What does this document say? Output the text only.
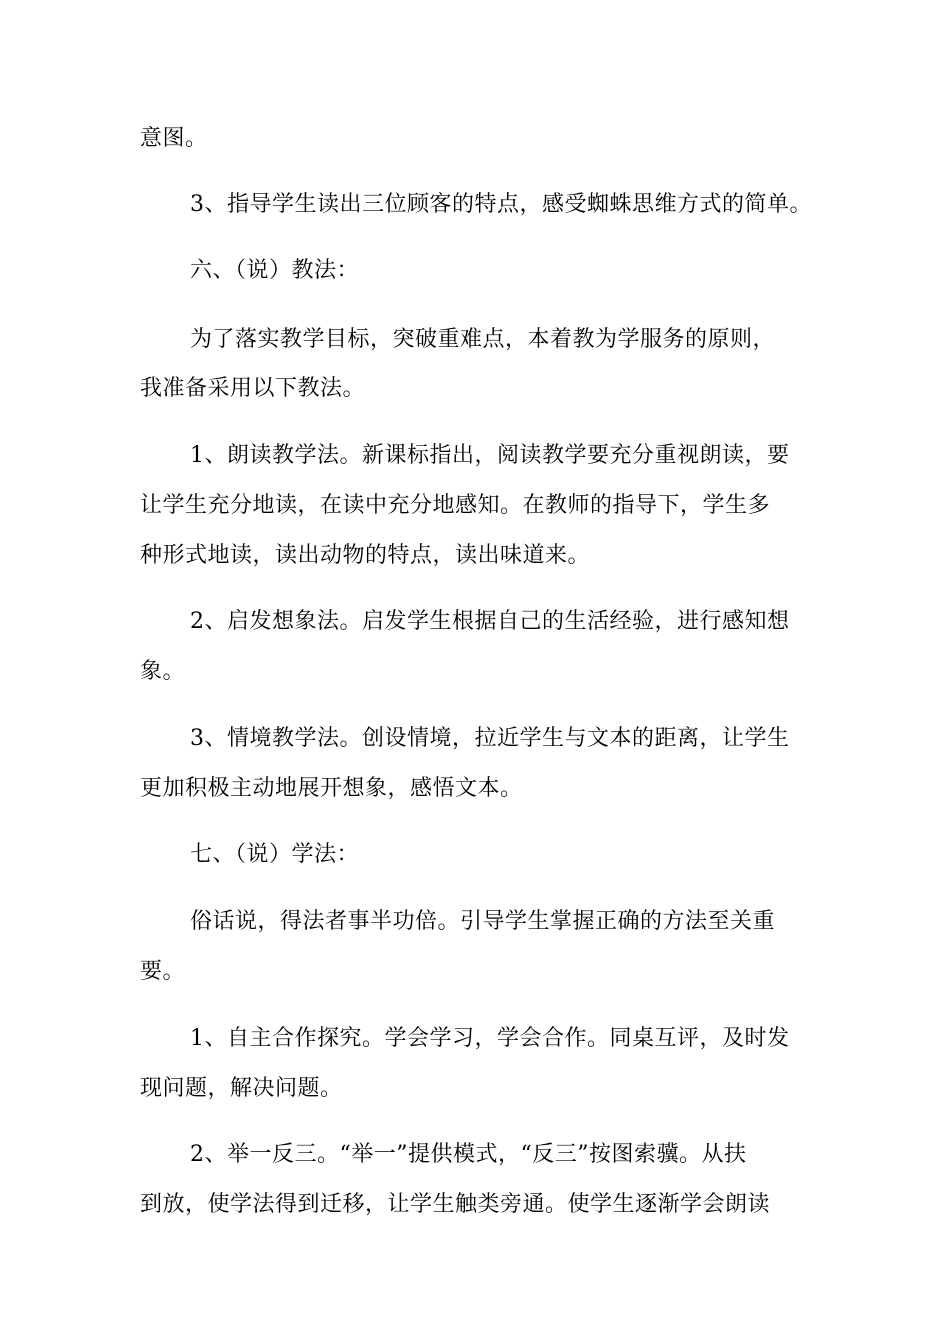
意图。
3、指导学生读出三位顾客的特点，感受蜘蛛思维方式的简单。
六、（说）教法：
为了落实教学目标，突破重难点，本着教为学服务的原则，
我准备采用以下教法。
1、朗读教学法。新课标指出，阅读教学要充分重视朗读，要
让学生充分地读，在读中充分地感知。在教师的指导下，学生多
种形式地读，读出动物的特点，读出味道来。
2、启发想象法。启发学生根据自己的生活经验，进行感知想
象。
3、情境教学法。创设情境，拉近学生与文本的距离，让学生
更加积极主动地展开想象，感悟文本。
七、（说）学法：
俗话说，得法者事半功倍。引导学生掌握正确的方法至关重
要。
1、自主合作探究。学会学习，学会合作。同桌互评，及时发
现问题，解决问题。
2、举一反三。“举一”提供模式，“反三”按图索骥。从扶
到放，使学法得到迁移，让学生触类旁通。使学生逐渐学会朗读
